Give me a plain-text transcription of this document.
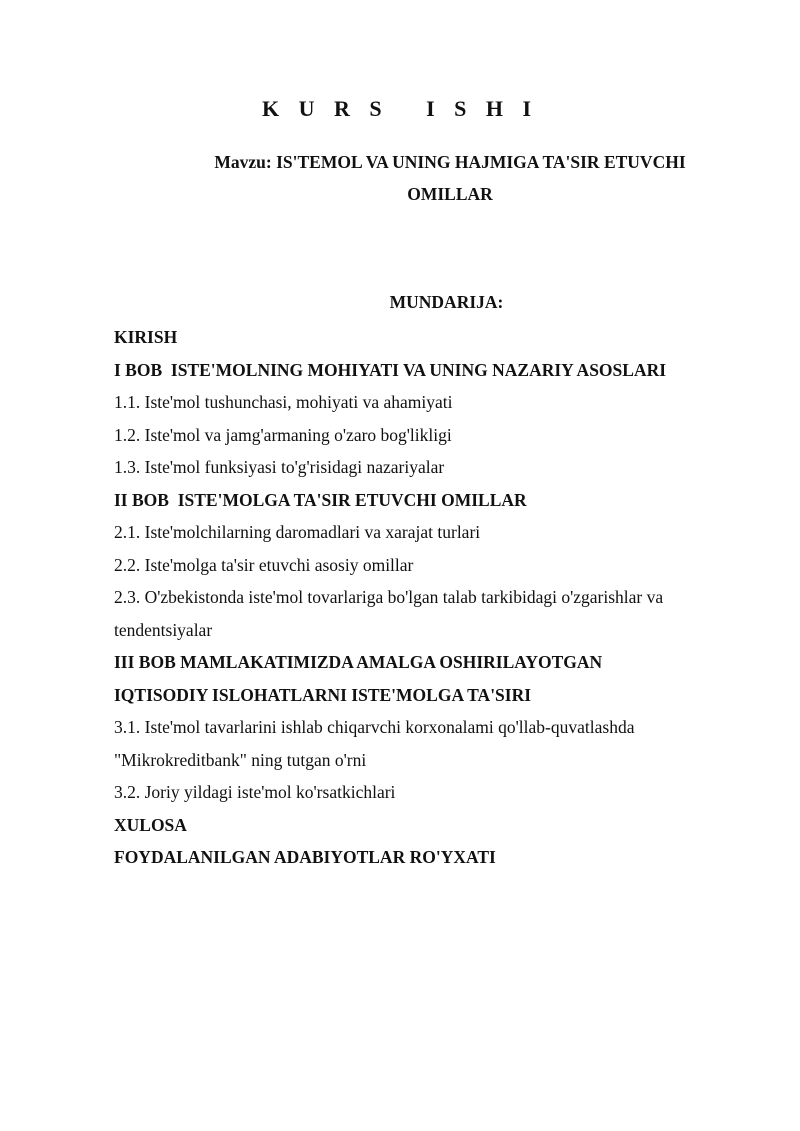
K U R S   I S H I
Mavzu: IS'TEMOL VA UNING HAJMIGA TA'SIR ETUVCHI
OMILLAR
MUNDARIJA:
KIRISH
I BOB  ISTE'MOLNING MOHIYATI VA UNING NAZARIY ASOSLARI
1.1. Iste'mol tushunchasi, mohiyati va ahamiyati
1.2. Iste'mol va jamg'armaning o'zaro bog'likligi
1.3. Iste'mol funksiyasi to'g'risidagi nazariyalar
II BOB  ISTE'MOLGA TA'SIR ETUVCHI OMILLAR
2.1. Iste'molchilarning daromadlari va xarajat turlari
2.2. Iste'molga ta'sir etuvchi asosiy omillar
2.3. O'zbekistonda iste'mol tovarlariga bo'lgan talab tarkibidagi o'zgarishlar va
tendentsiyalar
III BOB MAMLAKATIMIZDA AMALGA OSHIRILAYOTGAN
IQTISODIY ISLOHATLARNI ISTE'MOLGA TA'SIRI
3.1. Iste'mol tavarlarini ishlab chiqarvchi korxonalami qo'llab-quvatlashda
"Mikrokreditbank" ning tutgan o'rni
3.2. Joriy yildagi iste'mol ko'rsatkichlari
XULOSA
FOYDALANILGAN ADABIYOTLAR RO'YXATI
